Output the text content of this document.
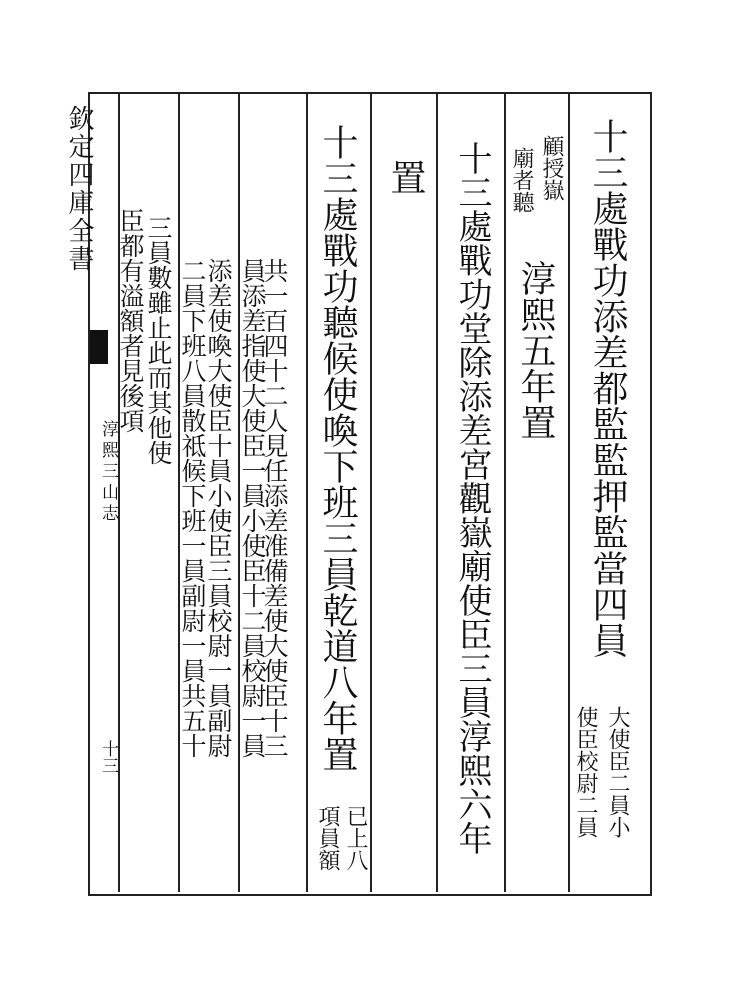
欽定四庫全書
淳熙三山志
十三
十三處戰功添差都監監押監當四員
大使臣二員小
使臣校尉二員
顧授嶽
廟者聽
淳熙五年置
十三處戰功堂除添差宮觀嶽廟使臣三員淳熙六年
置
十三處戰功聽候使喚下班三員乾道八年置
已上八
項員額
共一百四十二人見任添差准備差使大使臣十三
員添差指使大使臣一員小使臣十二員校尉一員
添差使喚大使臣十員小使臣三員校尉一員副尉
二員下班八員散祗候下班一員副尉一員共五十
三員數雖止此而其他使
臣都有溢額者見後項
